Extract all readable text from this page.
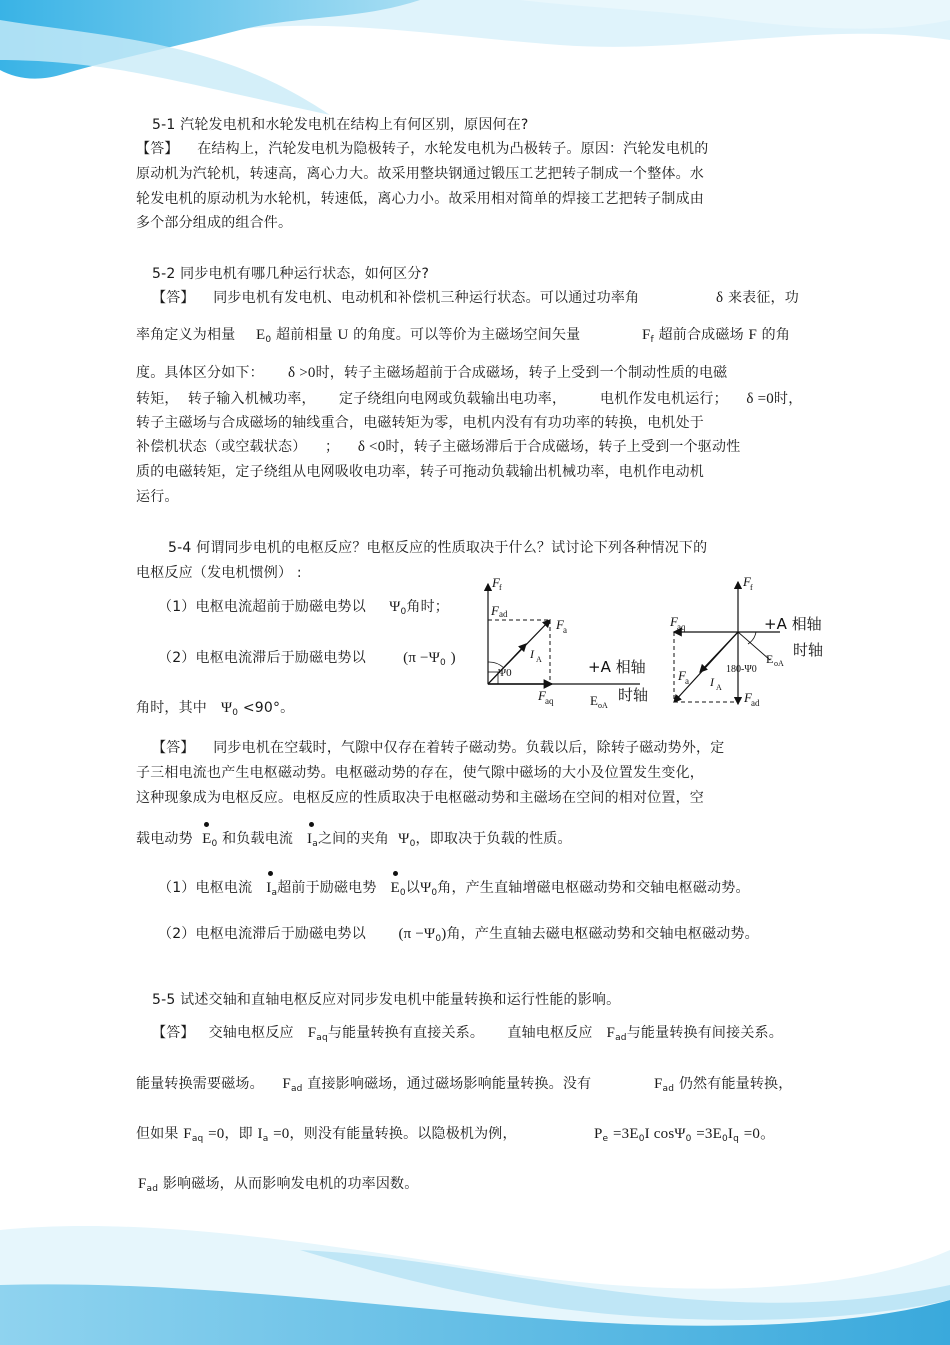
5-1 汽轮发电机和水轮发电机在结构上有何区别，原因何在?
【答】 在结构上，汽轮发电机为隐极转子，水轮发电机为凸极转子。原因：汽轮发电机的
原动机为汽轮机，转速高，离心力大。故采用整块钢通过锻压工艺把转子制成一个整体。水
轮发电机的原动机为水轮机，转速低，离心力小。故采用相对简单的焊接工艺把转子制成由
多个部分组成的组合件。
5-2 同步电机有哪几种运行状态，如何区分?
【答】 同步电机有发电机、电动机和补偿机三种运行状态。可以通过功率角	δ 来表征，功
率角定义为相量 $E_0$ 超前相量 U 的角度。可以等价为主磁场空间矢量	$F_f$ 超前合成磁场 F 的角
度。具体区分如下： δ >0时，转子主磁场超前于合成磁场，转子上受到一个制动性质的电磁
转矩， 转子输入机械功率， 定子绕组向电网或负载输出电功率， 电机作发电机运行； δ =0时，
转子主磁场与合成磁场的轴线重合，电磁转矩为零，电机内没有有功功率的转换，电机处于
补偿机状态（或空载状态） ； δ <0时，转子主磁场滞后于合成磁场，转子上受到一个驱动性
质的电磁转矩，定子绕组从电网吸收电功率，转子可拖动负载输出机械功率，电机作电动机
运行。
5-4 何谓同步电机的电枢反应？电枢反应的性质取决于什么？试讨论下列各种情况下的
电枢反应（发电机惯例） :
（1）电枢电流超前于励磁电势以 $\Psi_0$角时；
（2）电枢电流滞后于励磁电势以 ($\pi -\Psi_0$ )
角时，其中 $\Psi_0 <90^\circ$。
F f
F ad
F a
I A
Ψ0	+A 相轴
F aq	E oA
时轴
F f
F aq	+A 相轴
时轴
180-Ψ0
E oA
F a I A
F ad
【答】 同步电机在空载时，气隙中仅存在着转子磁动势。负载以后，除转子磁动势外，定
子三相电流也产生电枢磁动势。电枢磁动势的存在，使气隙中磁场的大小及位置发生变化，
这种现象成为电枢反应。电枢反应的性质取决于电枢磁动势和主磁场在空间的相对位置，空
载电动势 $E_0$ 和负载电流 $I_a$之间的夹角 $\Psi_0$，即取决于负载的性质。
（1）电枢电流 $I_a$超前于励磁电势 $E_0$以$\Psi_0$角，产生直轴增磁电枢磁动势和交轴电枢磁动势。
（2）电枢电流滞后于励磁电势以 $(\pi -\Psi_0)$角，产生直轴去磁电枢磁动势和交轴电枢磁动势。
5-5 试述交轴和直轴电枢反应对同步发电机中能量转换和运行性能的影响。
【答】 交轴电枢反应 $F_{aq}$与能量转换有直接关系。 直轴电枢反应 $F_{ad}$与能量转换有间接关系。
能量转换需要磁场。 $F_{ad}$ 直接影响磁场，通过磁场影响能量转换。没有	$F_{ad}$ 仍然有能量转换，
但如果 $F_{aq} =0$，即 $I_a =0$，则没有能量转换。以隐极机为例，	$P_e =3E_0I$ $\cos\Psi_0 =3E_0I_q =0$。
$F_{ad}$ 影响磁场，从而影响发电机的功率因数。
